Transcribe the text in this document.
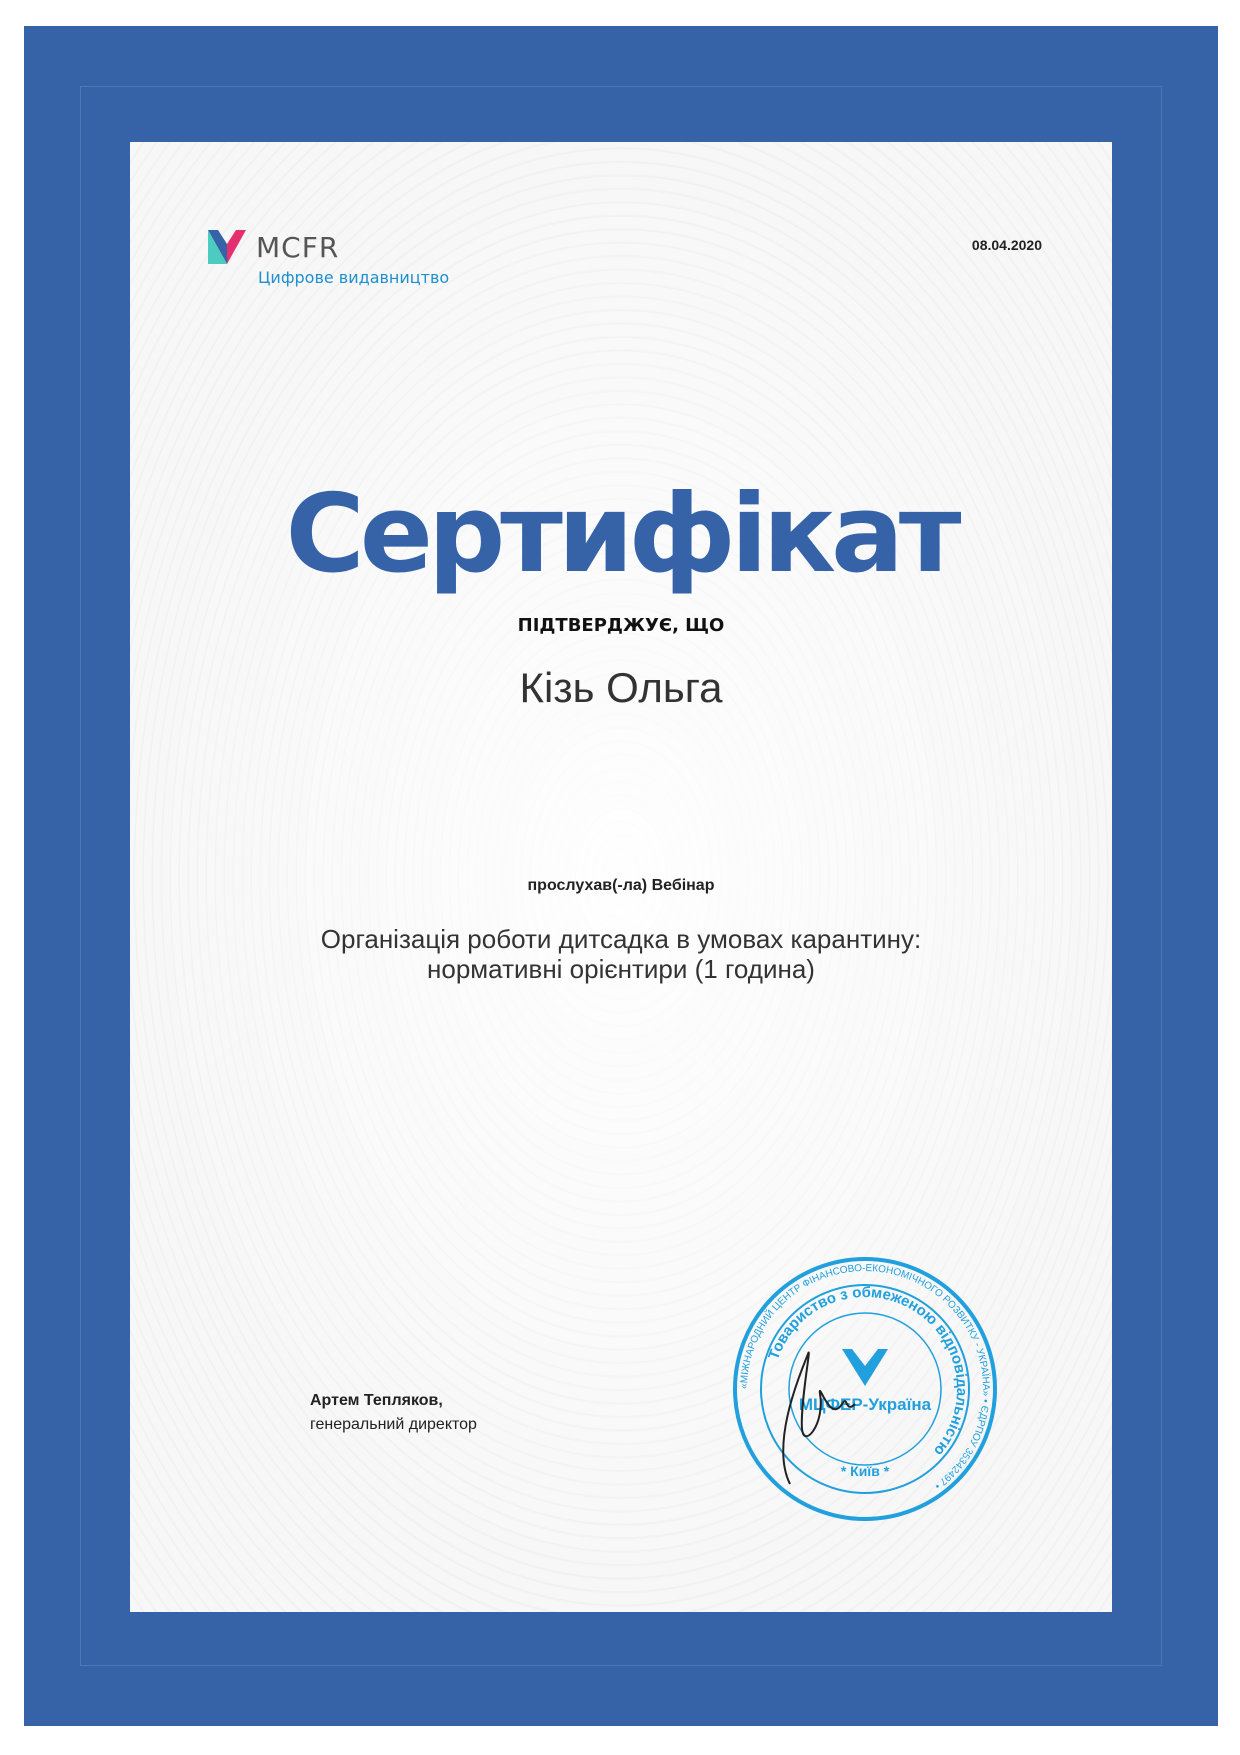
MCFR
Цифрове видавництво
08.04.2020
Сертифікат
ПІДТВЕРДЖУЄ, ЩО
Кізь Ольга
прослухав(-ла) Вебінар
Організація роботи дитсадка в умовах карантину:
нормативні орієнтири (1 година)
Артем Тепляков,
генеральний директор
«МІЖНАРОДНИЙ ЦЕНТР ФІНАНСОВО-ЕКОНОМІЧНОГО РОЗВИТКУ - УКРАЇНА» • ЄДРПОУ 35342497 •
Товариство з обмеженою відповідальністю
МЦФЕР-Україна
* Київ *
